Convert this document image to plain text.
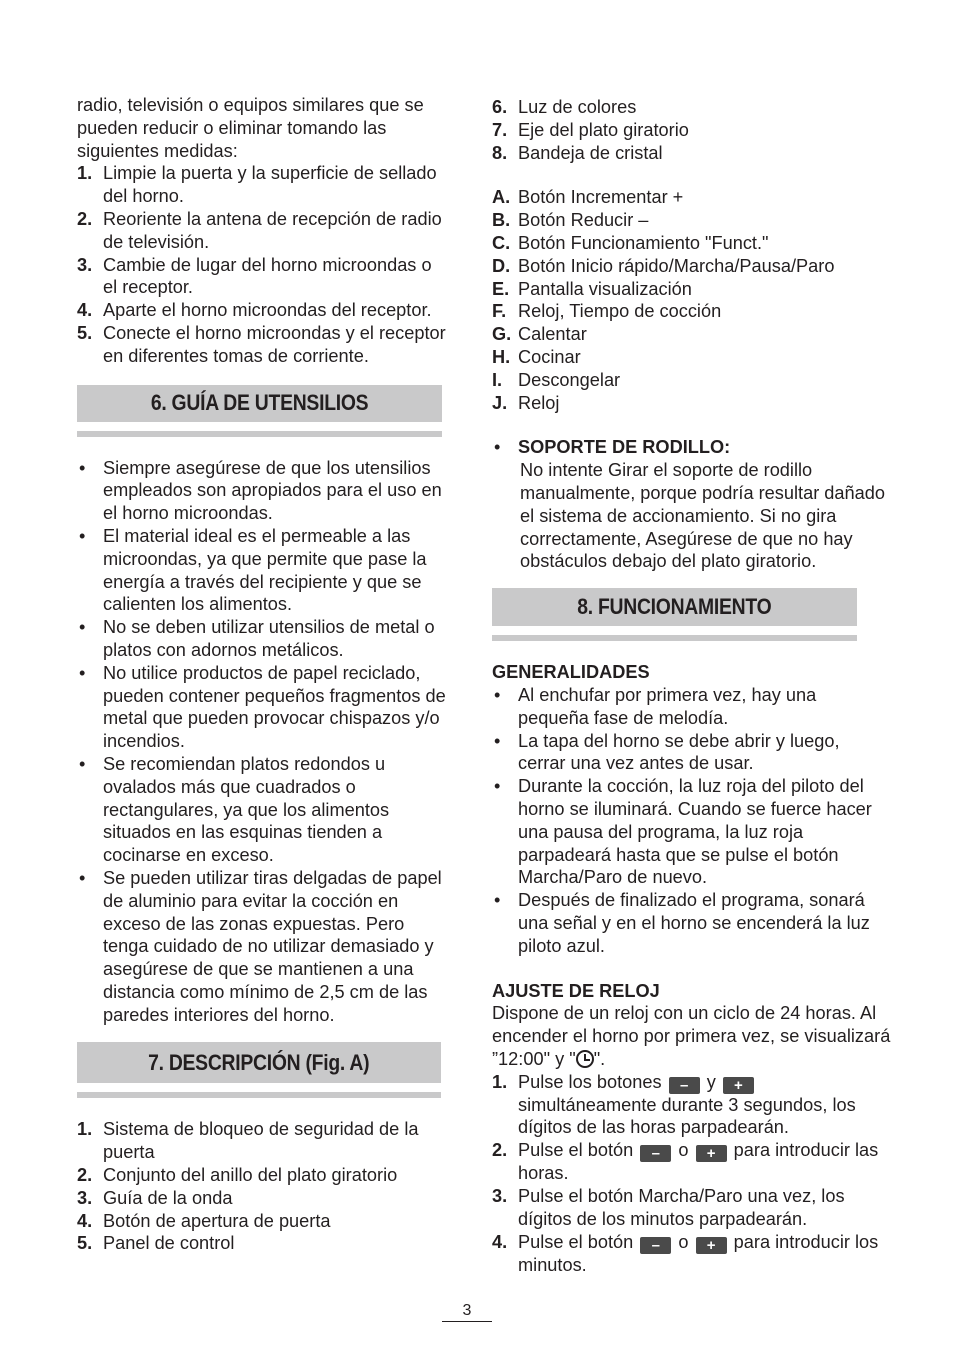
radio, televisión o equipos similares que se pueden reducir o eliminar tomando las siguientes medidas:

1. Limpie la puerta y la superficie de sellado del horno.
2. Reoriente la antena de recepción de radio de televisión.
3. Cambie de lugar del horno microondas o el receptor.
4. Aparte el horno microondas del receptor.
5. Conecte el horno microondas y el receptor en diferentes tomas de corriente.
6. GUÍA DE UTENSILIOS
• Siempre asegúrese de que los utensilios empleados son apropiados para el uso en el horno microondas.
• El material ideal es el permeable a las microondas, ya que permite que pase la energía a través del recipiente y que se calienten los alimentos.
• No se deben utilizar utensilios de metal o platos con adornos metálicos.
• No utilice productos de papel reciclado, pueden contener pequeños fragmentos de metal que pueden provocar chispazos y/o incendios.
• Se recomiendan platos redondos u ovalados más que cuadrados o rectangulares, ya que los alimentos situados en las esquinas tienden a cocinarse en exceso.
• Se pueden utilizar tiras delgadas de papel de aluminio para evitar la cocción en exceso de las zonas expuestas. Pero tenga cuidado de no utilizar demasiado y asegúrese de que se mantienen a una distancia como mínimo de 2,5 cm de las paredes interiores del horno.
7. DESCRIPCIÓN (Fig. A)
1. Sistema de bloqueo de seguridad de la puerta
2. Conjunto del anillo del plato giratorio
3. Guía de la onda
4. Botón de apertura de puerta
5. Panel de control
6. Luz de colores
7. Eje del plato giratorio
8. Bandeja de cristal
A. Botón Incrementar +
B. Botón Reducir –
C. Botón Funcionamiento "Funct."
D. Botón Inicio rápido/Marcha/Pausa/Paro
E. Pantalla visualización
F. Reloj, Tiempo de cocción
G. Calentar
H. Cocinar
I. Descongelar
J. Reloj
• SOPORTE DE RODILLO:

No intente Girar el soporte de rodillo manualmente, porque podría resultar dañado el sistema de accionamiento. Si no gira correctamente, Asegúrese de que no hay obstáculos debajo del plato giratorio.

8. FUNCIONAMIENTO

GENERALIDADES

• Al enchufar por primera vez, hay una pequeña fase de melodía.
• La tapa del horno se debe abrir y luego, cerrar una vez antes de usar.
• Durante la cocción, la luz roja del piloto del horno se iluminará. Cuando se fuerce hacer una pausa del programa, la luz roja parpadeará hasta que se pulse el botón Marcha/Paro de nuevo.
• Después de finalizado el programa, sonará una señal y en el horno se encenderá la luz piloto azul.

AJUSTE DE RELOJ

Dispone de un reloj con un ciclo de 24 horas. Al encender el horno por primera vez, se visualizará ”12:00" y " ".

1. Pulse los botones – y + simultáneamente durante 3 segundos, los dígitos de las horas parpadearán.
2. Pulse el botón – o + para introducir las horas.
3. Pulse el botón Marcha/Paro una vez, los dígitos de los minutos parpadearán.
4. Pulse el botón – o + para introducir los minutos.
3
